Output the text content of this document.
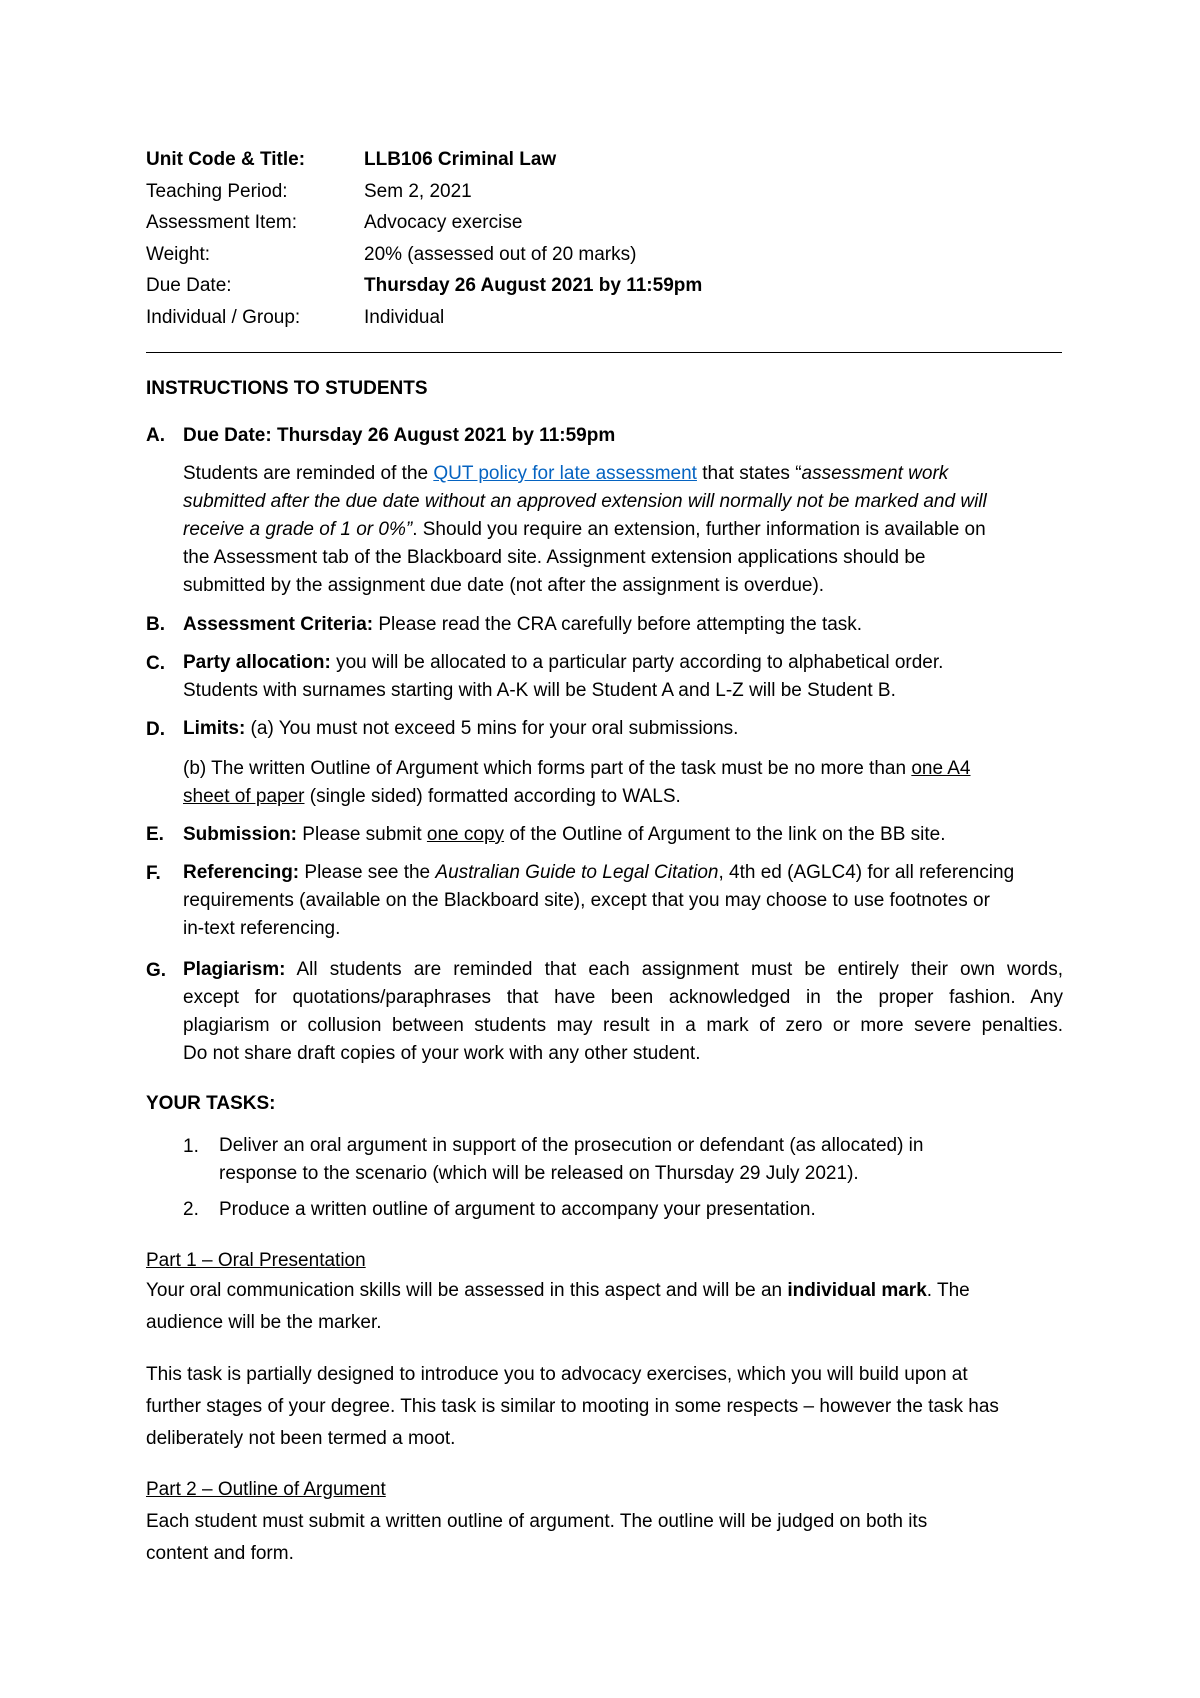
Unit Code & Title:	LLB106 Criminal Law
Teaching Period:	Sem 2, 2021
Assessment Item:	Advocacy exercise
Weight:	20% (assessed out of 20 marks)
Due Date:	Thursday 26 August 2021 by 11:59pm
Individual / Group:	Individual
INSTRUCTIONS TO STUDENTS
A. Due Date: Thursday 26 August 2021 by 11:59pm
Students are reminded of the QUT policy for late assessment that states “assessment work
submitted after the due date without an approved extension will normally not be marked and will
receive a grade of 1 or 0%”. Should you require an extension, further information is available on
the Assessment tab of the Blackboard site. Assignment extension applications should be
submitted by the assignment due date (not after the assignment is overdue).
B. Assessment Criteria: Please read the CRA carefully before attempting the task.
C. Party allocation: you will be allocated to a particular party according to alphabetical order.
Students with surnames starting with A-K will be Student A and L-Z will be Student B.
D. Limits: (a) You must not exceed 5 mins for your oral submissions.
(b) The written Outline of Argument which forms part of the task must be no more than one A4
sheet of paper (single sided) formatted according to WALS.
E. Submission: Please submit one copy of the Outline of Argument to the link on the BB site.
F. Referencing: Please see the Australian Guide to Legal Citation, 4th ed (AGLC4) for all referencing
requirements (available on the Blackboard site), except that you may choose to use footnotes or
in-text referencing.
G. Plagiarism: All students are reminded that each assignment must be entirely their own words,
except for quotations/paraphrases that have been acknowledged in the proper fashion. Any
plagiarism or collusion between students may result in a mark of zero or more severe penalties.
Do not share draft copies of your work with any other student.
YOUR TASKS:
1. Deliver an oral argument in support of the prosecution or defendant (as allocated) in
response to the scenario (which will be released on Thursday 29 July 2021).
2. Produce a written outline of argument to accompany your presentation.
Part 1 – Oral Presentation
Your oral communication skills will be assessed in this aspect and will be an individual mark. The
audience will be the marker.
This task is partially designed to introduce you to advocacy exercises, which you will build upon at
further stages of your degree. This task is similar to mooting in some respects – however the task has
deliberately not been termed a moot.
Part 2 – Outline of Argument
Each student must submit a written outline of argument. The outline will be judged on both its
content and form.
